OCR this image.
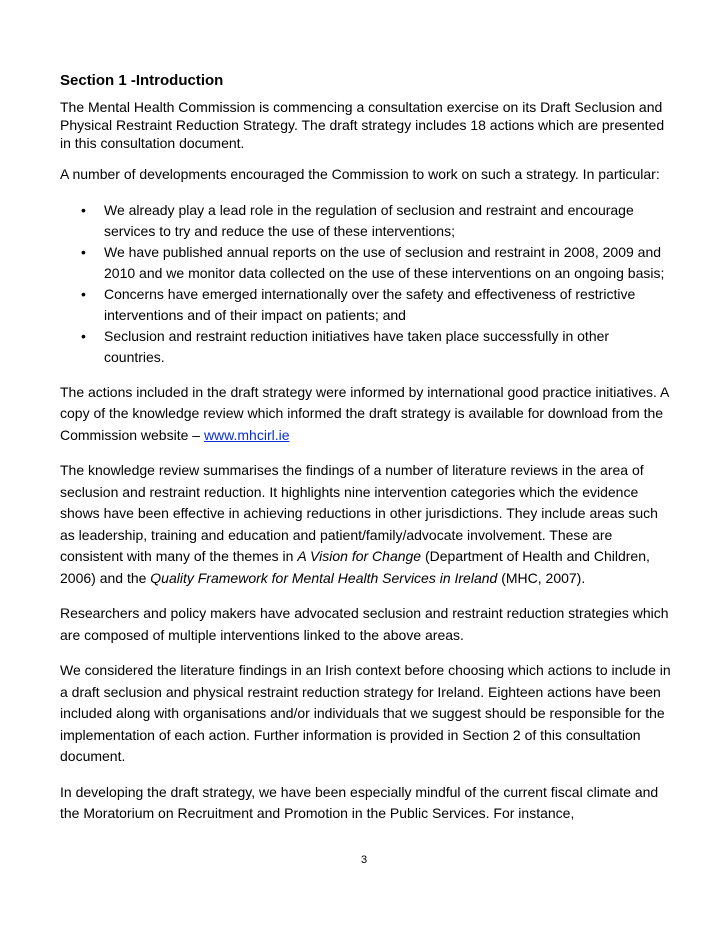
Section 1 -Introduction

The Mental Health Commission is commencing a consultation exercise on its Draft Seclusion and Physical Restraint Reduction Strategy. The draft strategy includes 18 actions which are presented in this consultation document.

A number of developments encouraged the Commission to work on such a strategy. In particular:

• We already play a lead role in the regulation of seclusion and restraint and encourage services to try and reduce the use of these interventions;
• We have published annual reports on the use of seclusion and restraint in 2008, 2009 and 2010 and we monitor data collected on the use of these interventions on an ongoing basis;
• Concerns have emerged internationally over the safety and effectiveness of restrictive interventions and of their impact on patients; and
• Seclusion and restraint reduction initiatives have taken place successfully in other countries.

The actions included in the draft strategy were informed by international good practice initiatives. A copy of the knowledge review which informed the draft strategy is available for download from the Commission website – www.mhcirl.ie

The knowledge review summarises the findings of a number of literature reviews in the area of seclusion and restraint reduction. It highlights nine intervention categories which the evidence shows have been effective in achieving reductions in other jurisdictions. They include areas such as leadership, training and education and patient/family/advocate involvement. These are consistent with many of the themes in A Vision for Change (Department of Health and Children, 2006) and the Quality Framework for Mental Health Services in Ireland (MHC, 2007).

Researchers and policy makers have advocated seclusion and restraint reduction strategies which are composed of multiple interventions linked to the above areas.

We considered the literature findings in an Irish context before choosing which actions to include in a draft seclusion and physical restraint reduction strategy for Ireland. Eighteen actions have been included along with organisations and/or individuals that we suggest should be responsible for the implementation of each action. Further information is provided in Section 2 of this consultation document.

In developing the draft strategy, we have been especially mindful of the current fiscal climate and the Moratorium on Recruitment and Promotion in the Public Services. For instance,

3
